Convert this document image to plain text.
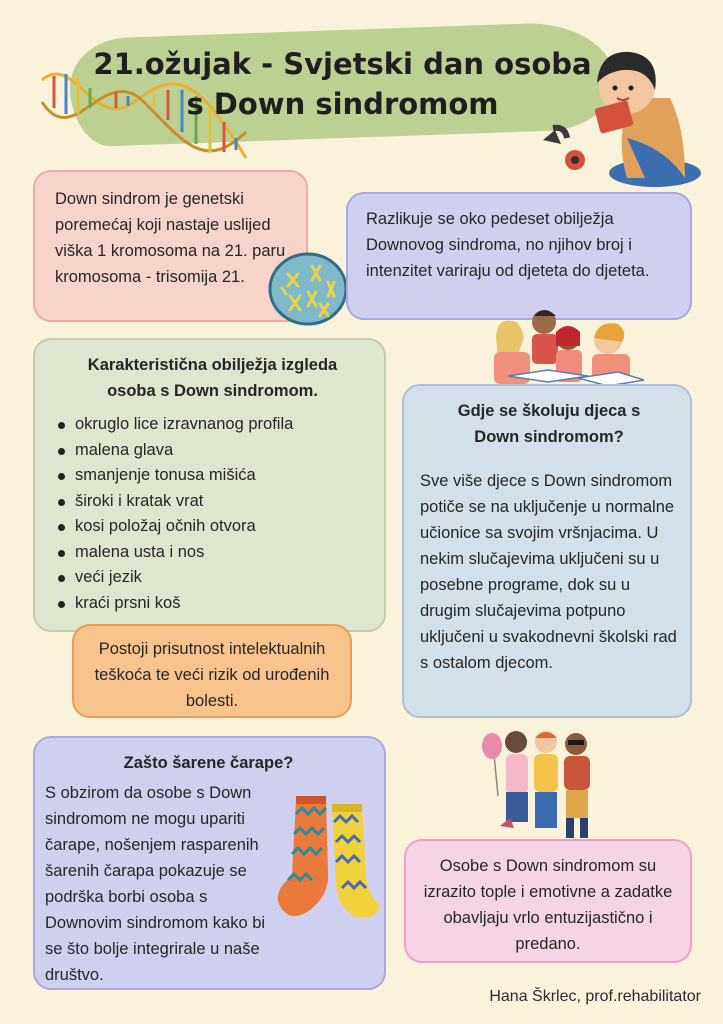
21.ožujak - Svjetski dan osoba
s Down sindromom

Down sindrom je genetski poremećaj koji nastaje uslijed viška 1 kromosoma na 21. paru kromosoma - trisomija 21.

Razlikuje se oko pedeset obilježja Downovog sindroma, no njihov broj i intenzitet variraju od djeteta do djeteta.

Karakteristična obilježja izgleda osoba s Down sindromom.
okruglo lice izravnanog profila
malena glava
smanjenje tonusa mišića
široki i kratak vrat
kosi položaj očnih otvora
malena usta i nos
veći jezik
kraći prsni koš
Gdje se školuju djeca s Down sindromom?

Sve više djece s Down sindromom potiče se na uključenje u normalne učionice sa svojim vršnjacima. U nekim slučajevima uključeni su u posebne programe, dok su u drugim slučajevima potpuno uključeni u svakodnevni školski rad s ostalom djecom.

Postoji prisutnost intelektualnih teškoća te veći rizik od urođenih bolesti.

Zašto šarene čarape?

S obzirom da osobe s Down sindromom ne mogu upariti čarape, nošenjem rasparenih šarenih čarapa pokazuje se podrška borbi osoba s Downovim sindromom kako bi se što bolje integrirale u naše društvo.

Osobe s Down sindromom su izrazito tople i emotivne a zadatke obavljaju vrlo entuzijastično i predano.

Hana Škrlec, prof.rehabilitator
